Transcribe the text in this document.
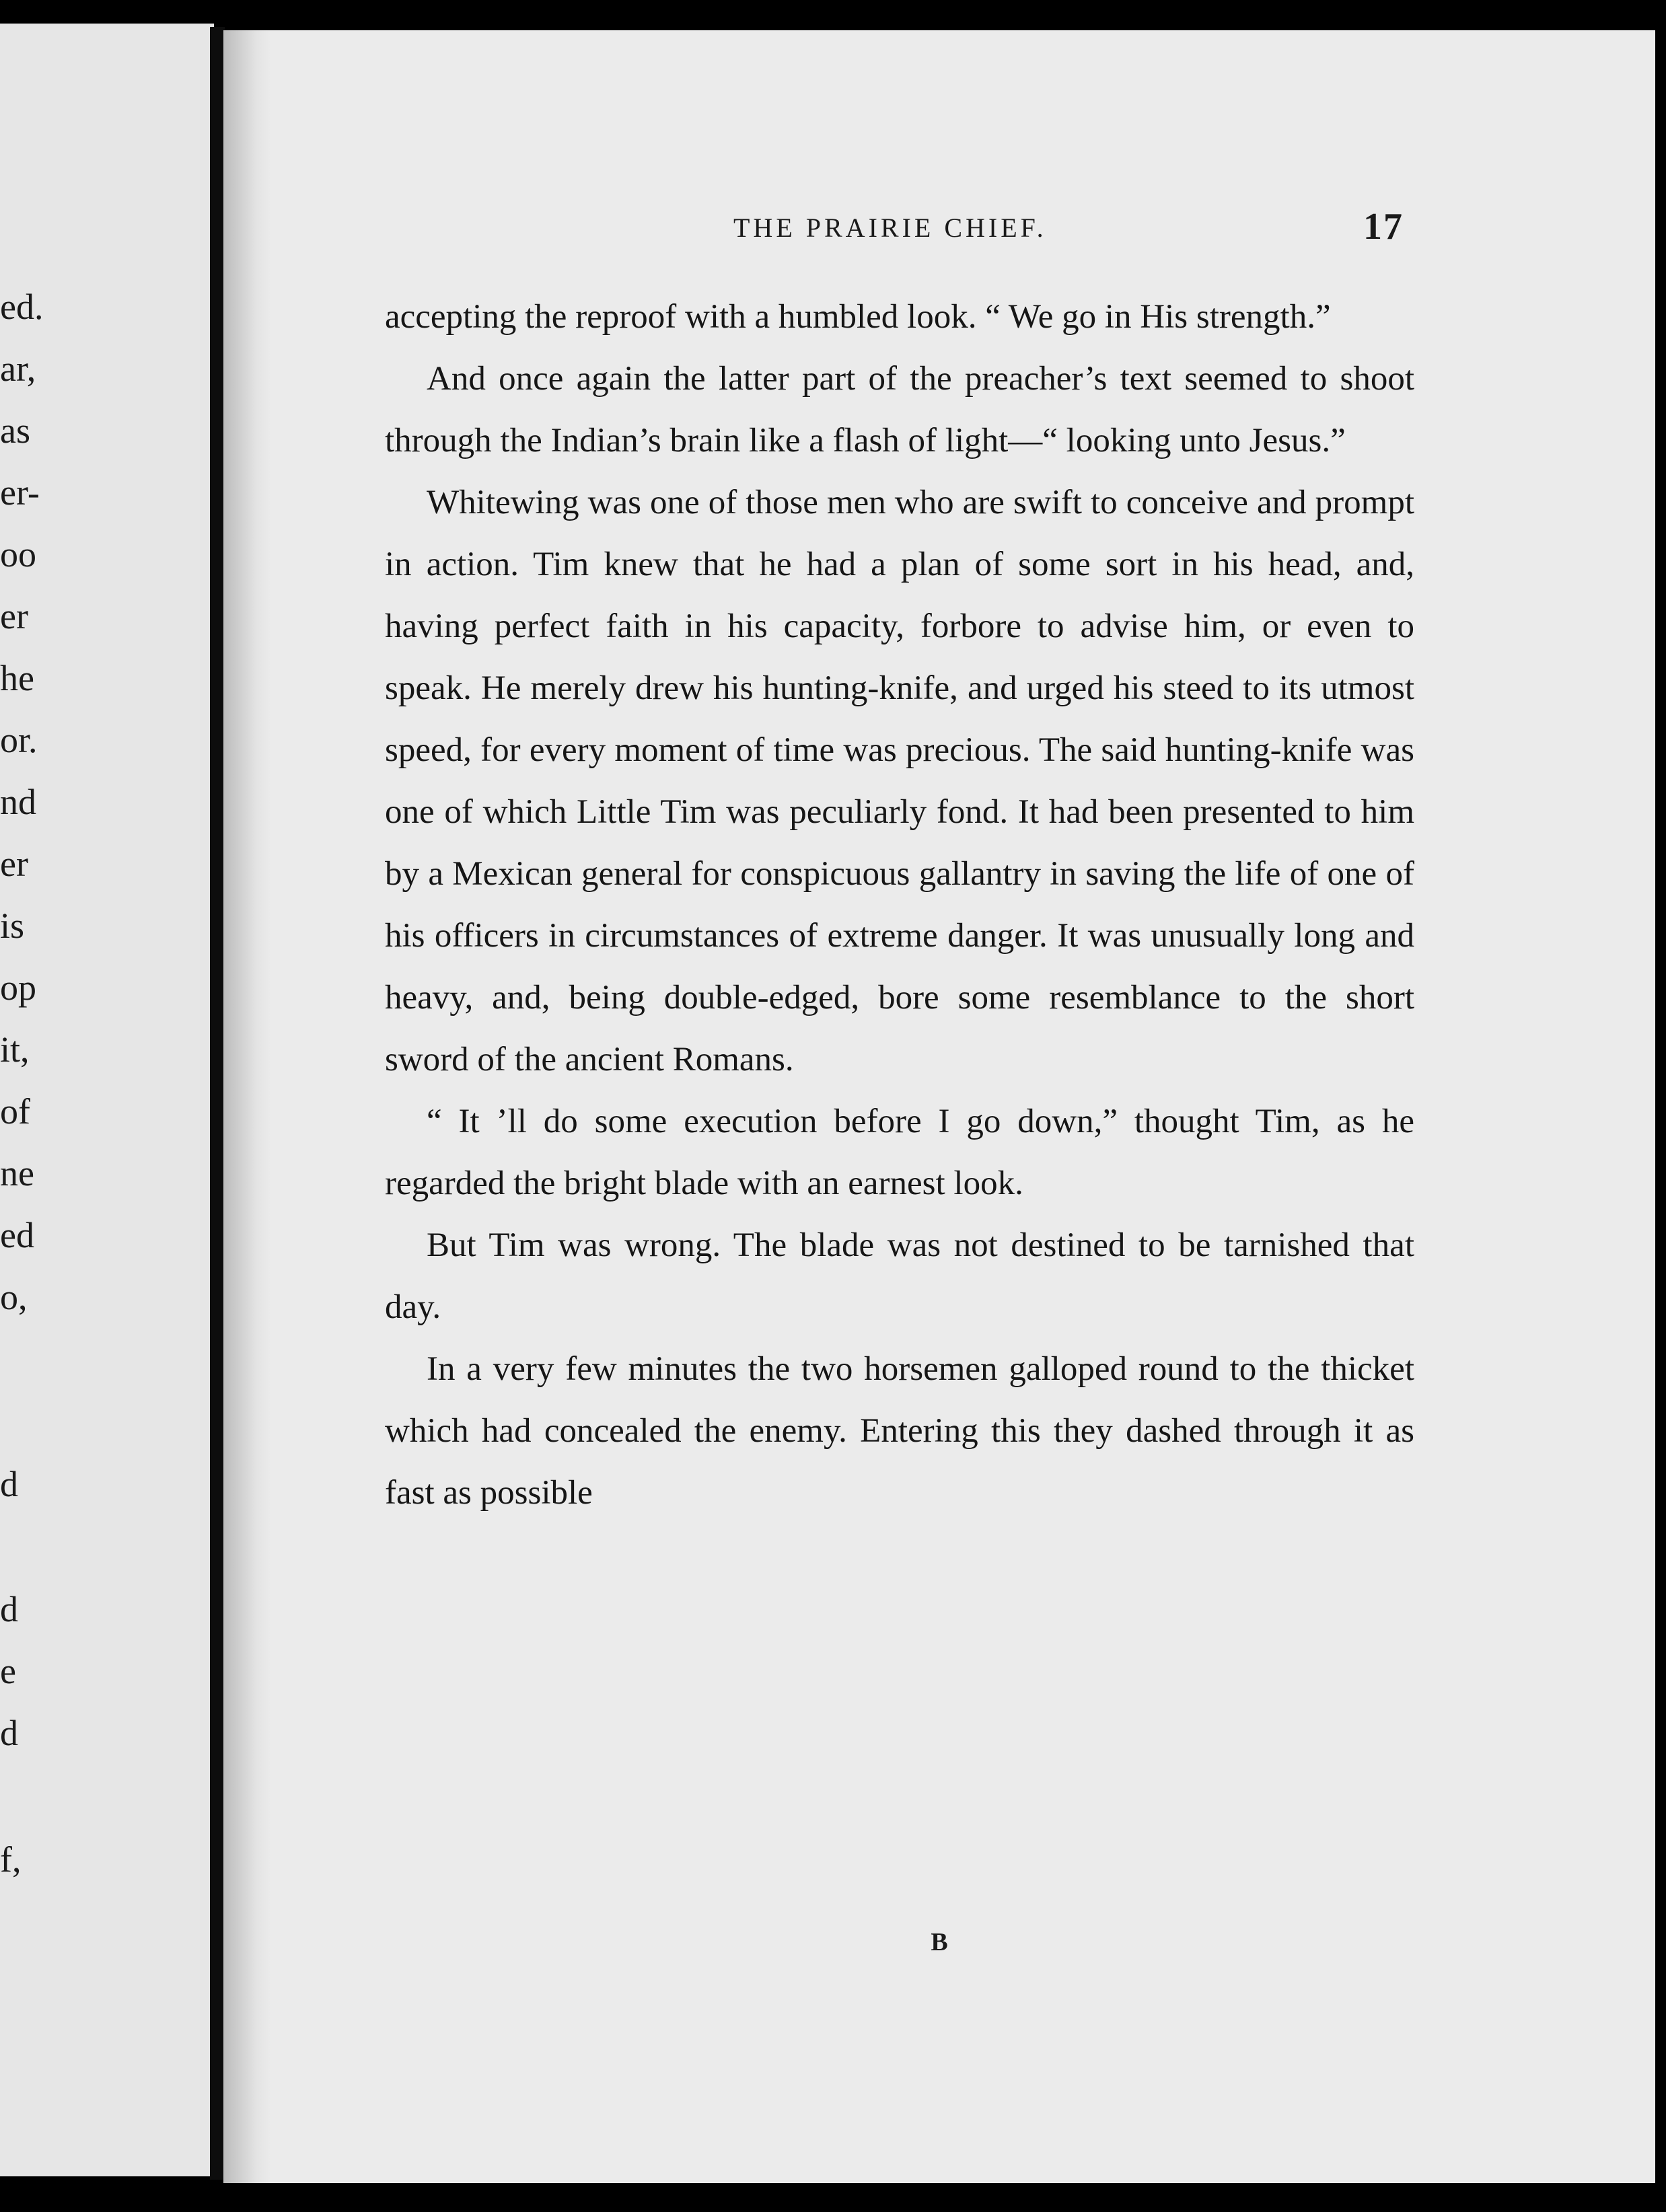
ed.
ar,
as
er-
oo
er
he
or.
nd
er
is
op
it,
of
ne
ed
o,
d
d
e
d
f,
THE PRAIRIE CHIEF.	17

accepting the reproof with a humbled look. “ We go in His strength.”

And once again the latter part of the preacher’s text seemed to shoot through the Indian’s brain like a flash of light—“ looking unto Jesus.”

Whitewing was one of those men who are swift to conceive and prompt in action. Tim knew that he had a plan of some sort in his head, and, having perfect faith in his capacity, forbore to advise him, or even to speak. He merely drew his hunting-knife, and urged his steed to its utmost speed, for every moment of time was precious. The said hunting-knife was one of which Little Tim was peculiarly fond. It had been presented to him by a Mexican general for conspicuous gallantry in saving the life of one of his officers in circumstances of extreme danger. It was unusually long and heavy, and, being double-edged, bore some resemblance to the short sword of the ancient Romans.

“ It ’ll do some execution before I go down,” thought Tim, as he regarded the bright blade with an earnest look.

But Tim was wrong. The blade was not destined to be tarnished that day.

In a very few minutes the two horsemen galloped round to the thicket which had concealed the enemy. Entering this they dashed through it as fast as possible

B
